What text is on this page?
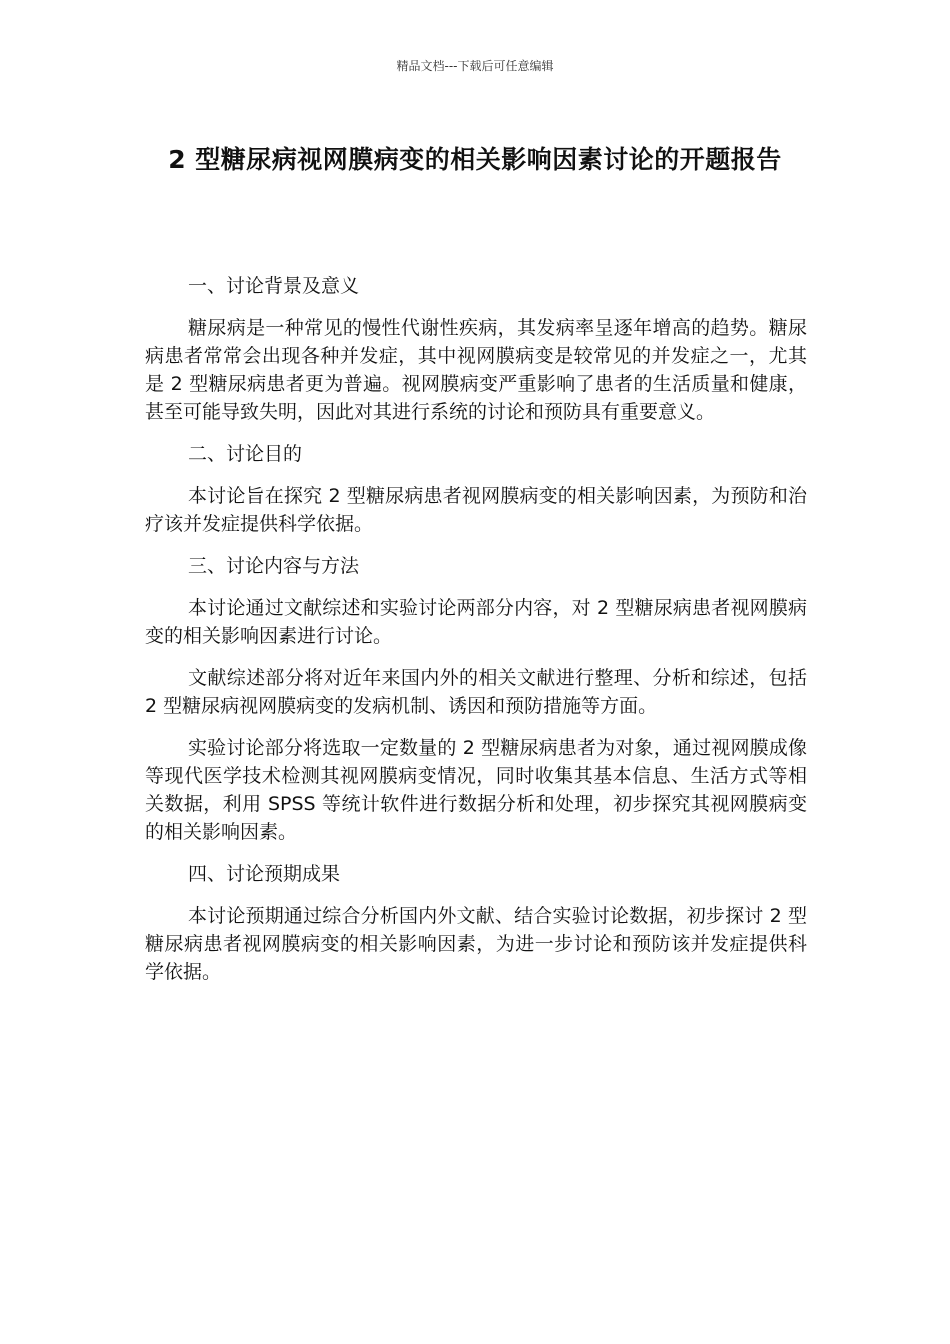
精品文档---下载后可任意编辑
2 型糖尿病视网膜病变的相关影响因素讨论的开题报告

一、讨论背景及意义

糖尿病是一种常见的慢性代谢性疾病，其发病率呈逐年增高的趋势。糖尿病患者常常会出现各种并发症，其中视网膜病变是较常见的并发症之一，尤其是 2 型糖尿病患者更为普遍。视网膜病变严重影响了患者的生活质量和健康，甚至可能导致失明，因此对其进行系统的讨论和预防具有重要意义。

二、讨论目的

本讨论旨在探究 2 型糖尿病患者视网膜病变的相关影响因素，为预防和治疗该并发症提供科学依据。

三、讨论内容与方法

本讨论通过文献综述和实验讨论两部分内容，对 2 型糖尿病患者视网膜病变的相关影响因素进行讨论。

文献综述部分将对近年来国内外的相关文献进行整理、分析和综述，包括 2 型糖尿病视网膜病变的发病机制、诱因和预防措施等方面。

实验讨论部分将选取一定数量的 2 型糖尿病患者为对象，通过视网膜成像等现代医学技术检测其视网膜病变情况，同时收集其基本信息、生活方式等相关数据，利用 SPSS 等统计软件进行数据分析和处理，初步探究其视网膜病变的相关影响因素。

四、讨论预期成果

本讨论预期通过综合分析国内外文献、结合实验讨论数据，初步探讨 2 型糖尿病患者视网膜病变的相关影响因素，为进一步讨论和预防该并发症提供科学依据。
